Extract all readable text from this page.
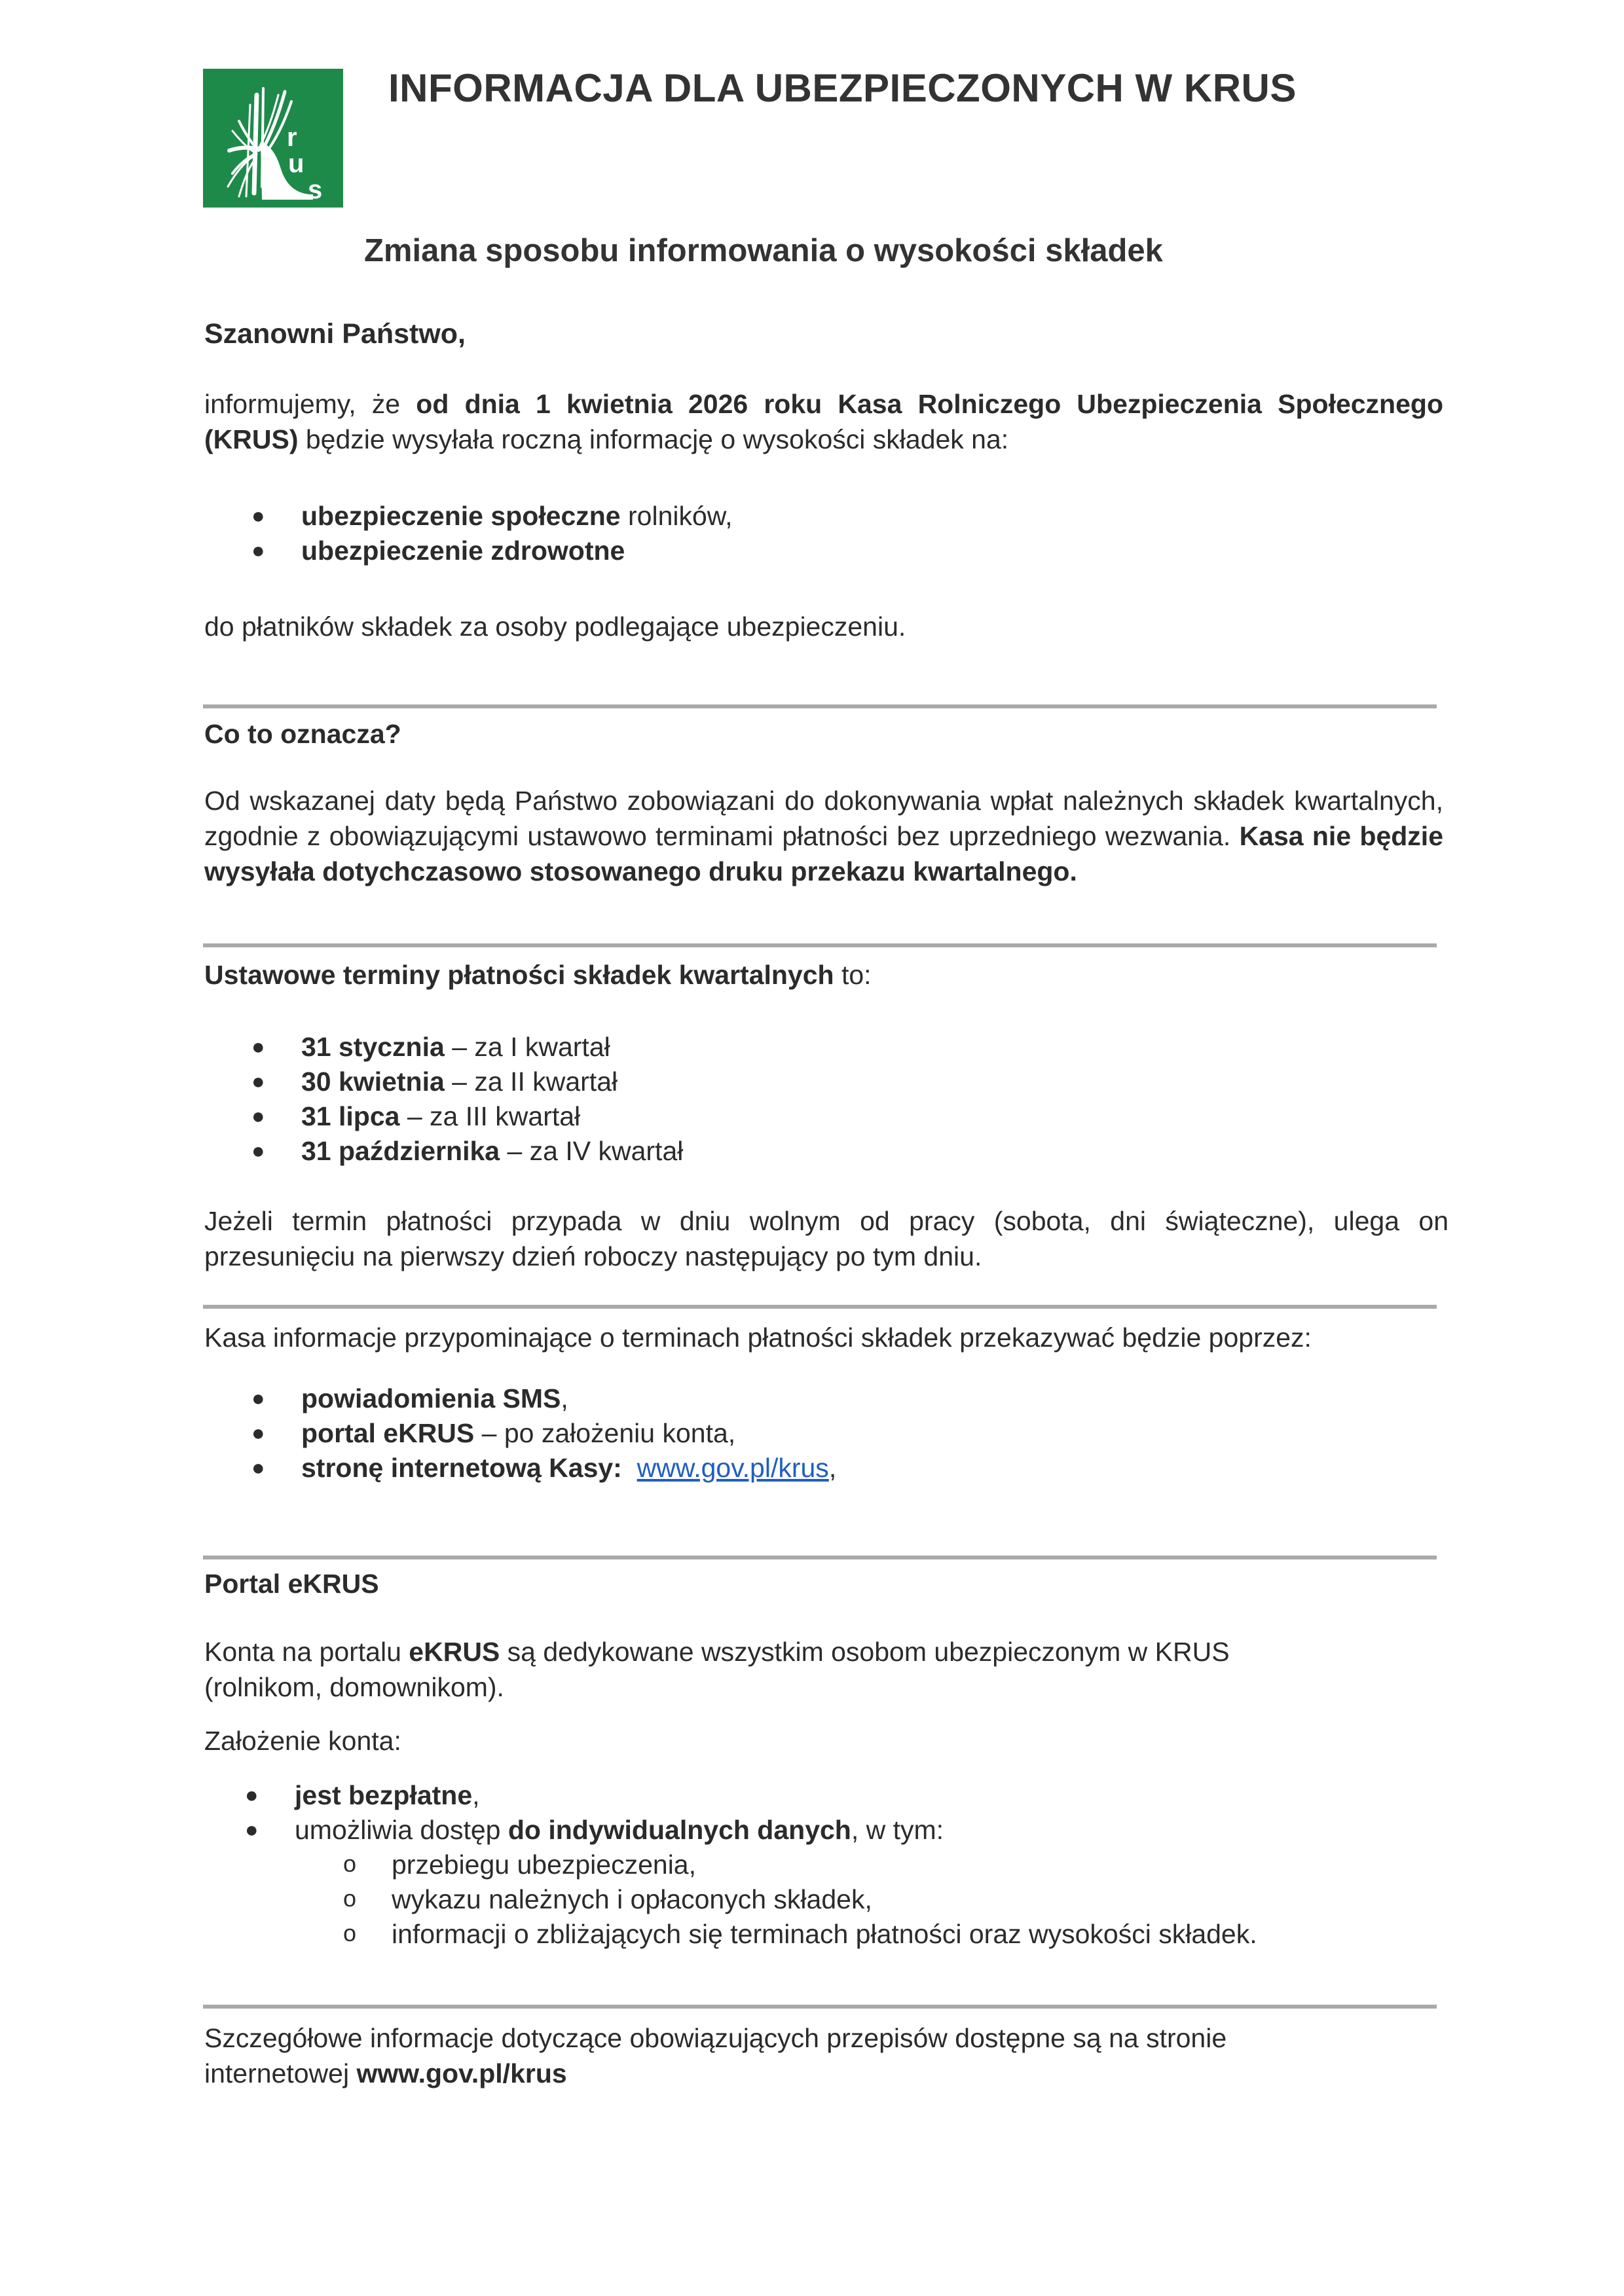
r
u
s
INFORMACJA DLA UBEZPIECZONYCH W KRUS
Zmiana sposobu informowania o wysokości składek
Szanowni Państwo,
informujemy, że od dnia 1 kwietnia 2026 roku Kasa Rolniczego Ubezpieczenia Społecznego (KRUS) będzie wysyłała roczną informację o wysokości składek na:
● ubezpieczenie społeczne rolników,
● ubezpieczenie zdrowotne
do płatników składek za osoby podlegające ubezpieczeniu.
Co to oznacza?
Od wskazanej daty będą Państwo zobowiązani do dokonywania wpłat należnych składek kwartalnych, zgodnie z obowiązującymi ustawowo terminami płatności bez uprzedniego wezwania. Kasa nie będzie wysyłała dotychczasowo stosowanego druku przekazu kwartalnego.
Ustawowe terminy płatności składek kwartalnych to:
● 31 stycznia – za I kwartał
● 30 kwietnia – za II kwartał
● 31 lipca – za III kwartał
● 31 października – za IV kwartał
Jeżeli termin płatności przypada w dniu wolnym od pracy (sobota, dni świąteczne), ulega on przesunięciu na pierwszy dzień roboczy następujący po tym dniu.
Kasa informacje przypominające o terminach płatności składek przekazywać będzie poprzez:
● powiadomienia SMS,
● portal eKRUS – po założeniu konta,
● stronę internetową Kasy: www.gov.pl/krus,
Portal eKRUS
Konta na portalu eKRUS są dedykowane wszystkim osobom ubezpieczonym w KRUS (rolnikom, domownikom).
Założenie konta:
● jest bezpłatne,
● umożliwia dostęp do indywidualnych danych, w tym:
o przebiegu ubezpieczenia,
o wykazu należnych i opłaconych składek,
o informacji o zbliżających się terminach płatności oraz wysokości składek.
Szczegółowe informacje dotyczące obowiązujących przepisów dostępne są na stronie internetowej www.gov.pl/krus
